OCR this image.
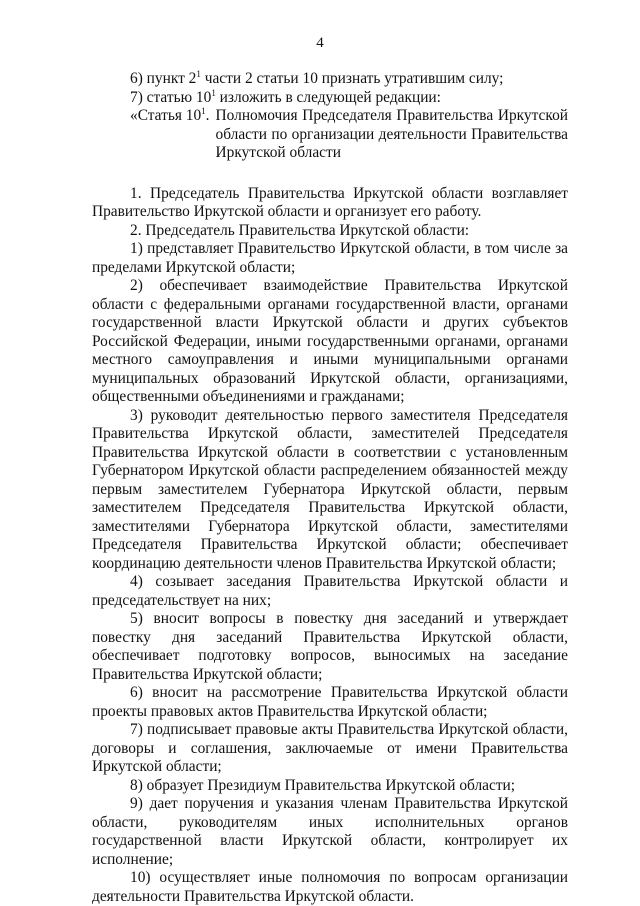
4
6) пункт $2^1$ части 2 статьи 10 признать утратившим силу;
7) статью $10^1$ изложить в следующей редакции:
«Статья $10^1$. Полномочия Председателя Правительства Иркутской области по организации деятельности Правительства Иркутской области

1. Председатель Правительства Иркутской области возглавляет Правительство Иркутской области и организует его работу.

2. Председатель Правительства Иркутской области:

1) представляет Правительство Иркутской области, в том числе за пределами Иркутской области;

2) обеспечивает взаимодействие Правительства Иркутской области с федеральными органами государственной власти, органами государственной власти Иркутской области и других субъектов Российской Федерации, иными государственными органами, органами местного самоуправления и иными муниципальными органами муниципальных образований Иркутской области, организациями, общественными объединениями и гражданами;

3) руководит деятельностью первого заместителя Председателя Правительства Иркутской области, заместителей Председателя Правительства Иркутской области в соответствии с установленным Губернатором Иркутской области распределением обязанностей между первым заместителем Губернатора Иркутской области, первым заместителем Председателя Правительства Иркутской области, заместителями Губернатора Иркутской области, заместителями Председателя Правительства Иркутской области; обеспечивает координацию деятельности членов Правительства Иркутской области;

4) созывает заседания Правительства Иркутской области и председательствует на них;

5) вносит вопросы в повестку дня заседаний и утверждает повестку дня заседаний Правительства Иркутской области, обеспечивает подготовку вопросов, выносимых на заседание Правительства Иркутской области;

6) вносит на рассмотрение Правительства Иркутской области проекты правовых актов Правительства Иркутской области;

7) подписывает правовые акты Правительства Иркутской области, договоры и соглашения, заключаемые от имени Правительства Иркутской области;

8) образует Президиум Правительства Иркутской области;

9) дает поручения и указания членам Правительства Иркутской области, руководителям иных исполнительных органов государственной власти Иркутской области, контролирует их исполнение;

10) осуществляет иные полномочия по вопросам организации деятельности Правительства Иркутской области.
